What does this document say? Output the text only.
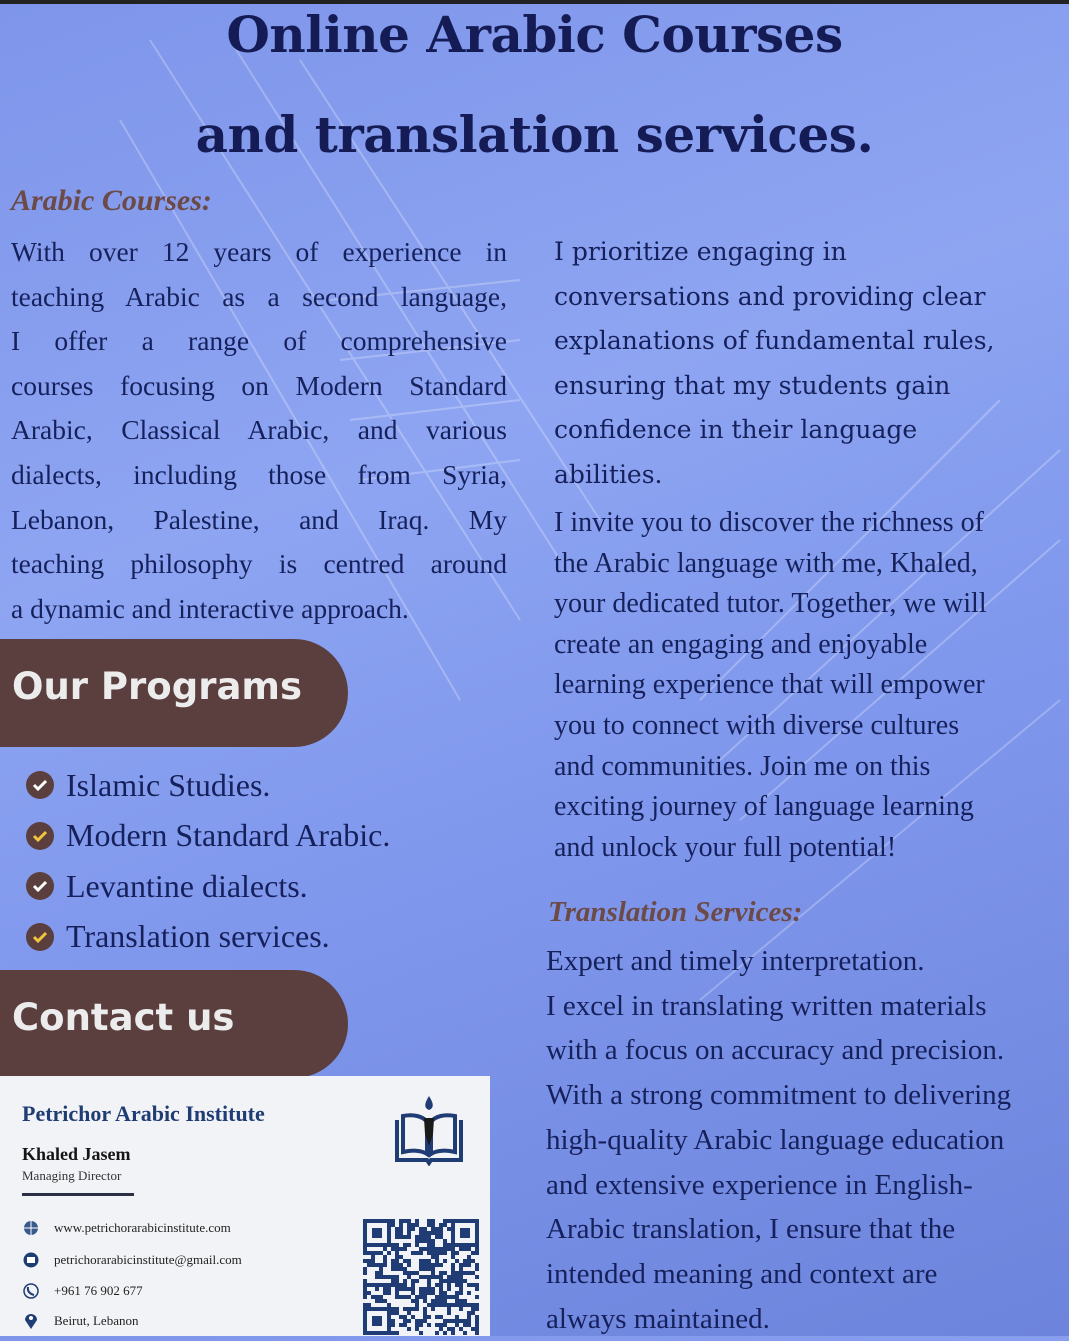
Online Arabic Courses
and translation services.
Arabic Courses:
With over 12 years of experience in
teaching Arabic as a second language,
I offer a range of comprehensive
courses focusing on Modern Standard
Arabic, Classical Arabic, and various
dialects, including those from Syria,
Lebanon, Palestine, and Iraq. My
teaching philosophy is centred around
a dynamic and interactive approach.
I prioritize engaging in
conversations and providing clear
explanations of fundamental rules,
ensuring that my students gain
confidence in their language
abilities.
I invite you to discover the richness of
the Arabic language with me, Khaled,
your dedicated tutor. Together, we will
create an engaging and enjoyable
learning experience that will empower
you to connect with diverse cultures
and communities. Join me on this
exciting journey of language learning
and unlock your full potential!
Translation Services:
Expert and timely interpretation.
I excel in translating written materials
with a focus on accuracy and precision.
With a strong commitment to delivering
high-quality Arabic language education
and extensive experience in English-
Arabic translation, I ensure that the
intended meaning and context are
always maintained.
Our Programs
Islamic Studies.
Modern Standard Arabic.
Levantine dialects.
Translation services.
Contact us
Petrichor Arabic Institute
Khaled Jasem
Managing Director
www.petrichorarabicinstitute.com
petrichorarabicinstitute@gmail.com
+961 76 902 677
Beirut, Lebanon
